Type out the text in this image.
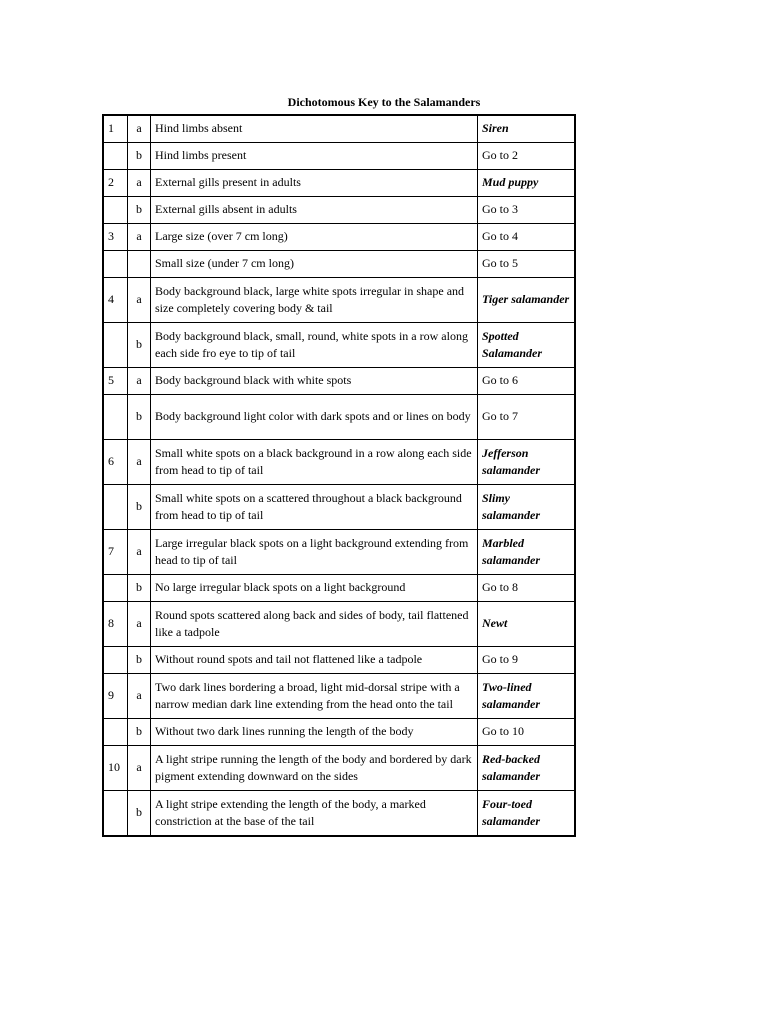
Dichotomous Key to the Salamanders
1	a	Hind limbs absent	Siren
	b	Hind limbs present	Go to 2
2	a	External gills present in adults	Mud puppy
	b	External gills absent in adults	Go to 3
3	a	Large size (over 7 cm long)	Go to 4
		Small size (under 7 cm long)	Go to 5
4	a	Body background black, large white spots irregular in shape and size completely covering body & tail	Tiger salamander
	b	Body background black, small, round, white spots in a row along each side fro eye to tip of tail	Spotted Salamander
5	a	Body background black with white spots	Go to 6
	b	Body background light color with dark spots and or lines on body	Go to 7
6	a	Small white spots on a black background in a row along each side from head to tip of tail	Jefferson salamander
	b	Small white spots on a scattered throughout a black background from head to tip of tail	Slimy salamander
7	a	Large irregular black spots on a light background extending from head to tip of tail	Marbled salamander
	b	No large irregular black spots on a light background	Go to 8
8	a	Round spots scattered along back and sides of body, tail flattened like a tadpole	Newt
	b	Without round spots and tail not flattened like a tadpole	Go to 9
9	a	Two dark lines bordering a broad, light mid-dorsal stripe with a narrow median dark line extending from the head onto the tail	Two-lined salamander
	b	Without two dark lines running the length of the body	Go to 10
10	a	A light stripe running the length of the body and bordered by dark pigment extending downward on the sides	Red-backed salamander
	b	A light stripe extending the length of the body, a marked constriction at the base of the tail	Four-toed salamander
